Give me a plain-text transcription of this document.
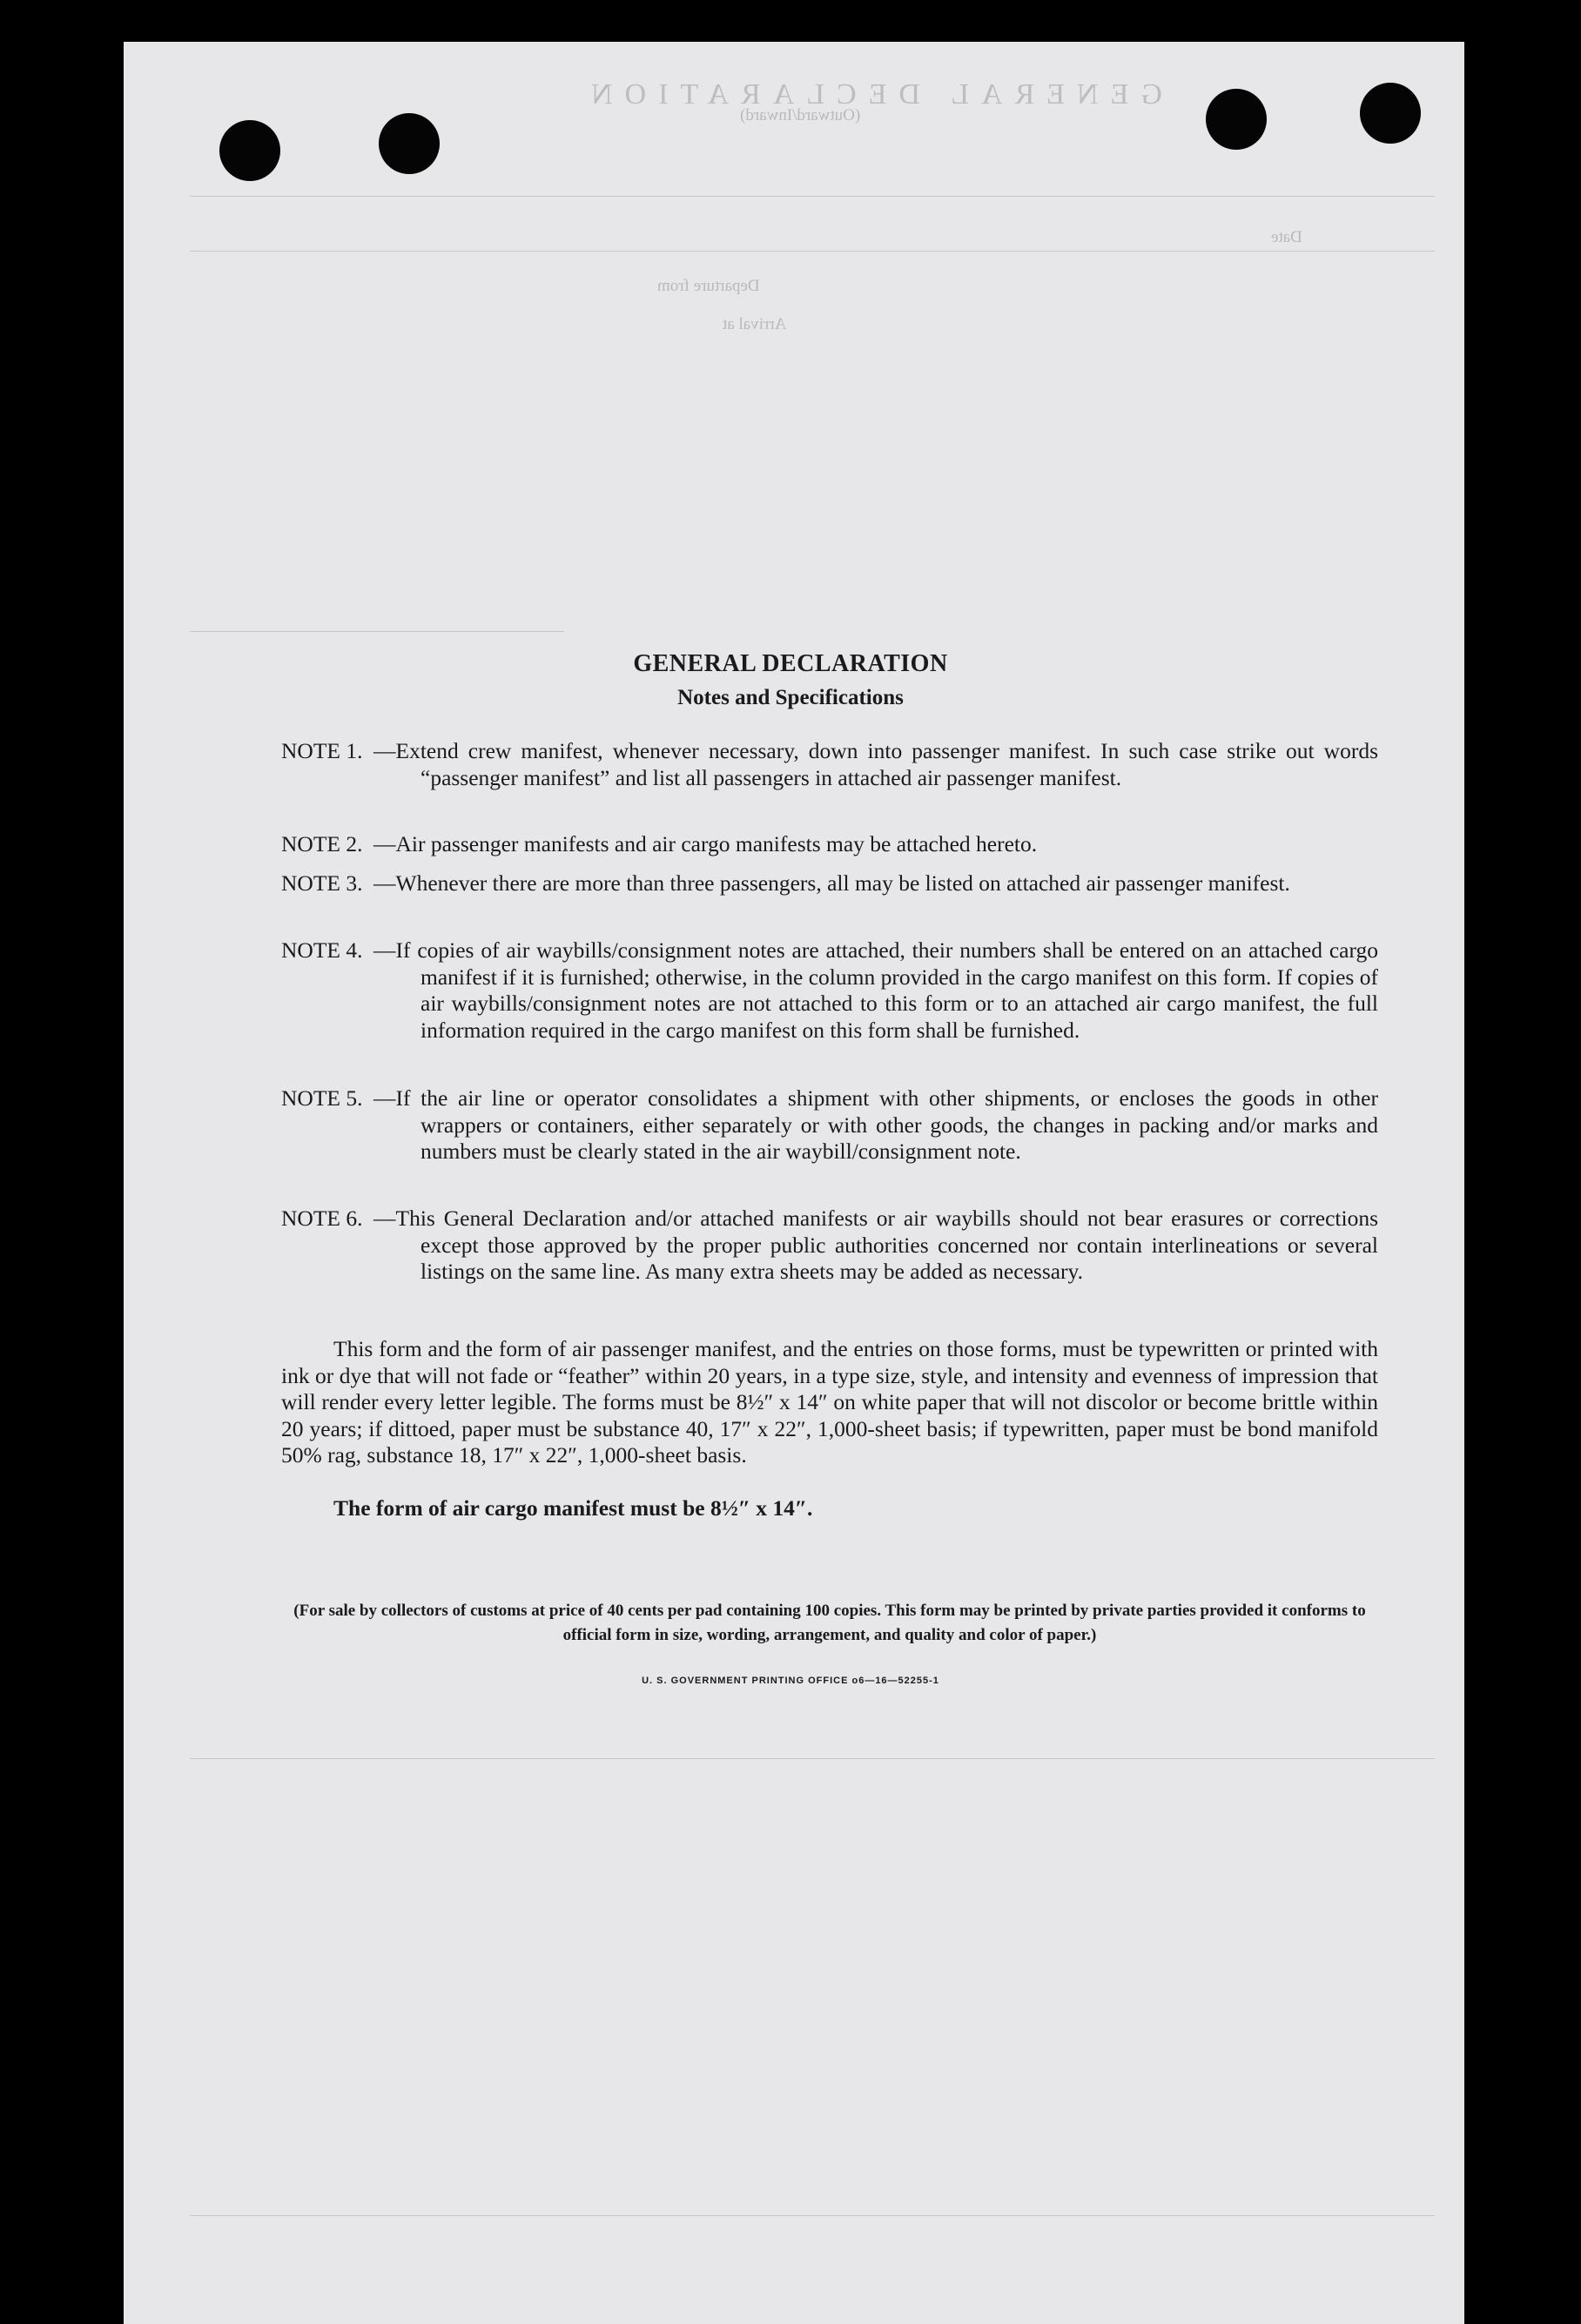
GENERAL DECLARATION
(Outward/Inward)
Date
Departure from
Arrival at
GENERAL DECLARATION
Notes and Specifications
NOTE 1. —Extend crew manifest, whenever necessary, down into passenger manifest. In such case strike out words “passenger manifest” and list all passengers in attached air passenger manifest.
NOTE 2. —Air passenger manifests and air cargo manifests may be attached hereto.
NOTE 3. —Whenever there are more than three passengers, all may be listed on attached air passenger manifest.
NOTE 4. —If copies of air waybills/consignment notes are attached, their numbers shall be entered on an attached cargo manifest if it is furnished; otherwise, in the column provided in the cargo manifest on this form. If copies of air waybills/consignment notes are not attached to this form or to an attached air cargo manifest, the full information required in the cargo manifest on this form shall be furnished.
NOTE 5. —If the air line or operator consolidates a shipment with other shipments, or encloses the goods in other wrappers or containers, either separately or with other goods, the changes in packing and/or marks and numbers must be clearly stated in the air waybill/consignment note.
NOTE 6. —This General Declaration and/or attached manifests or air waybills should not bear erasures or corrections except those approved by the proper public authorities concerned nor contain interlineations or several listings on the same line. As many extra sheets may be added as necessary.
This form and the form of air passenger manifest, and the entries on those forms, must be typewritten or printed with ink or dye that will not fade or “feather” within 20 years, in a type size, style, and intensity and evenness of impression that will render every letter legible. The forms must be 8½″ x 14″ on white paper that will not discolor or become brittle within 20 years; if dittoed, paper must be substance 40, 17″ x 22″, 1,000-sheet basis; if typewritten, paper must be bond manifold 50% rag, substance 18, 17″ x 22″, 1,000-sheet basis.
The form of air cargo manifest must be 8½″ x 14″.
(For sale by collectors of customs at price of 40 cents per pad containing 100 copies. This form may be printed by private parties provided it conforms to official form in size, wording, arrangement, and quality and color of paper.)
U. S. GOVERNMENT PRINTING OFFICE o6—16—52255-1
